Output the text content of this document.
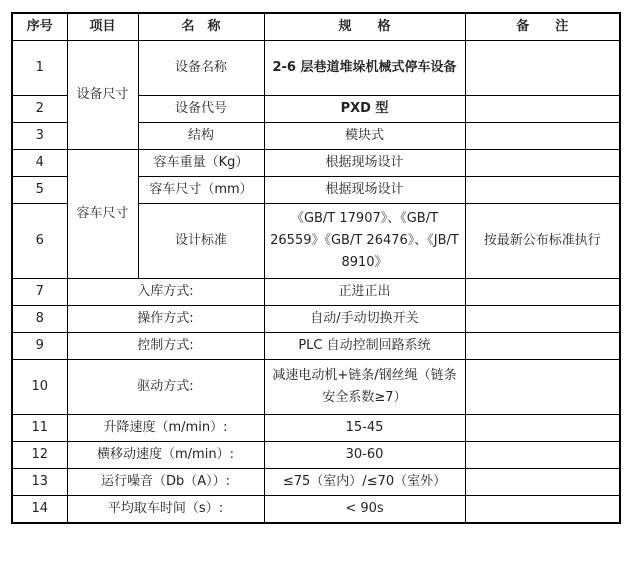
序号	项目	名　称	规　　格	备　　注
1	设备尺寸	设备名称	2-6 层巷道堆垛机械式停车设备	
2		设备代号	PXD 型	
3		结构	模块式	
4	容车尺寸	容车重量（Kg）	根据现场设计	
5		容车尺寸（mm）	根据现场设计	
6		设计标准	《GB/T 17907》、《GB/T 26559》《GB/T 26476》、《JB/T 8910》	按最新公布标准执行
7	入库方式:		正进正出	
8	操作方式:		自动/手动切换开关	
9	控制方式:		PLC 自动控制回路系统	
10	驱动方式:		减速电动机+链条/钢丝绳（链条安全系数≥7）	
11	升降速度（m/min）:		15-45	
12	横移动速度（m/min）:		30-60	
13	运行噪音（Db（A））:		≤75（室内）/≤70（室外）	
14	平均取车时间（s）:		< 90s	
